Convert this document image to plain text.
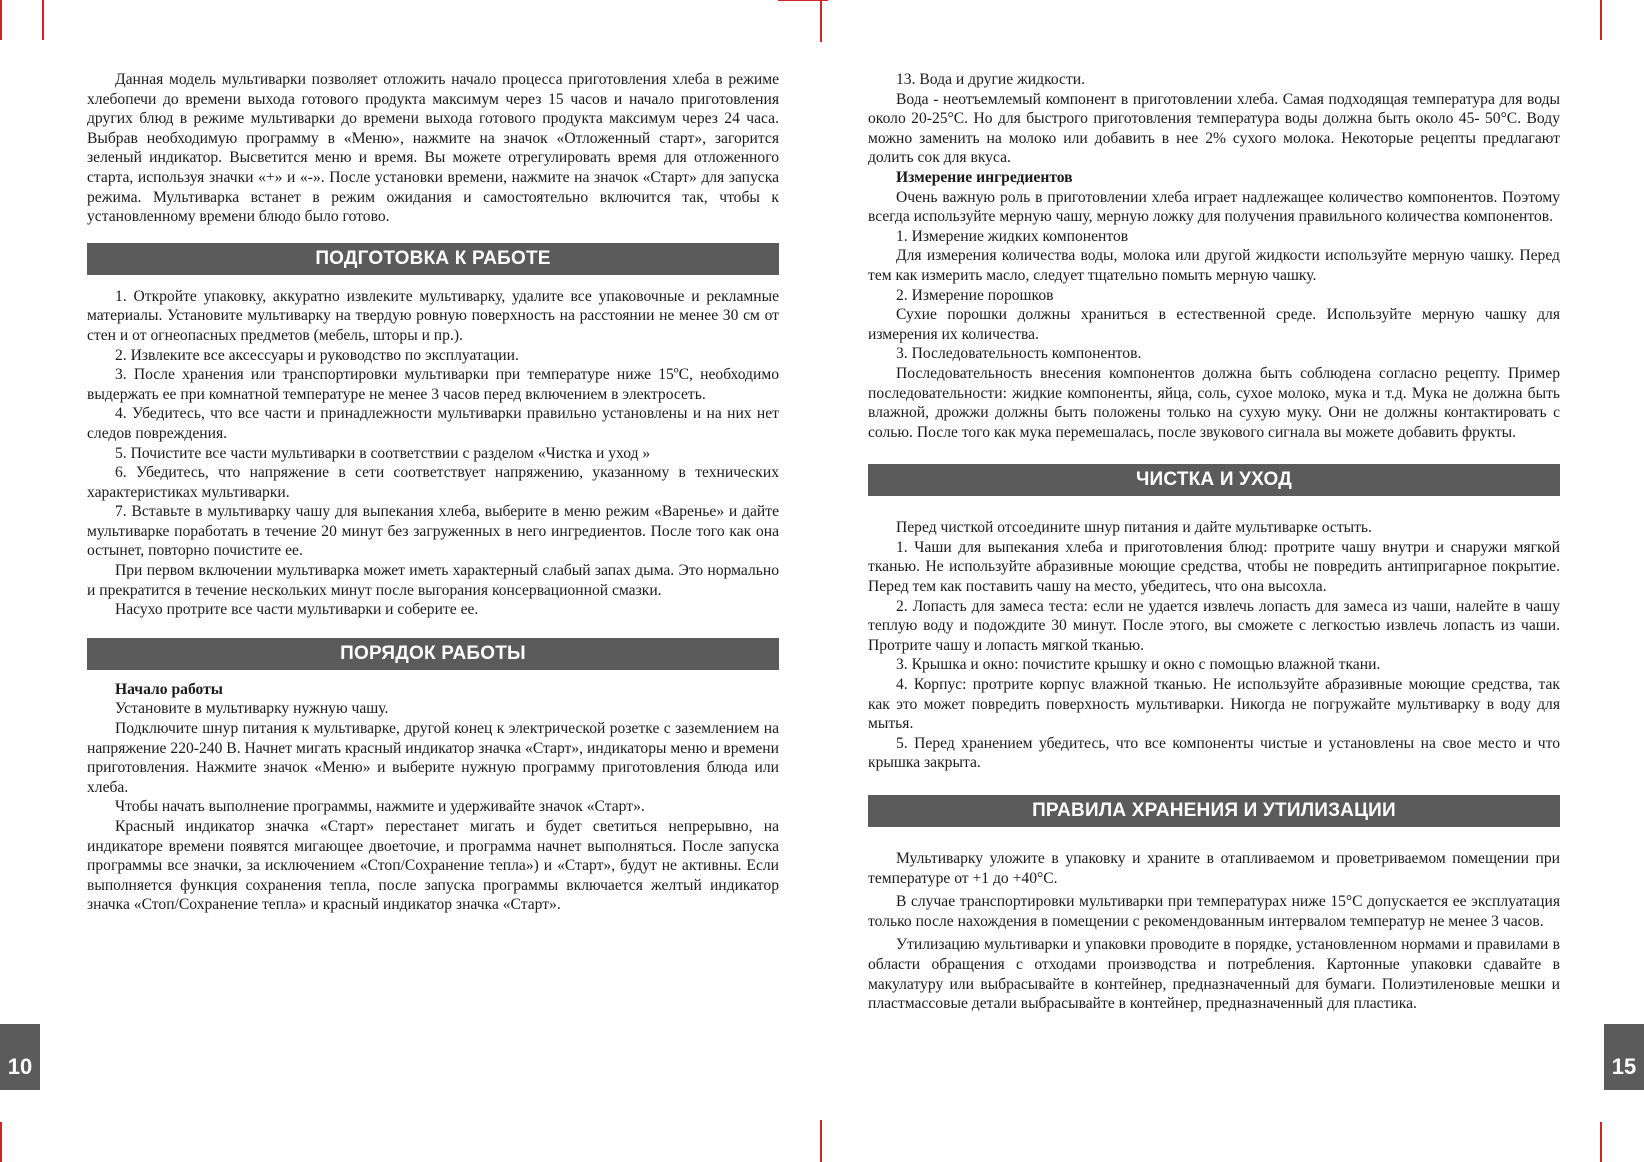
Данная модель мультиварки позволяет отложить начало процесса приготовления хлеба в режиме хлебопечи до времени выхода готового продукта максимум через 15 часов и начало приготовления других блюд в режиме мультиварки до времени выхода готового продукта максимум через 24 часа. Выбрав необходимую программу в «Меню», нажмите на значок «Отложенный старт», загорится зеленый индикатор. Высветится меню и время. Вы можете отрегулировать время для отложенного старта, используя значки «+» и «-». После установки времени, нажмите на значок «Старт» для запуска режима. Мультиварка встанет в режим ожидания и самостоятельно включится так, чтобы к установленному времени блюдо было готово.

ПОДГОТОВКА К РАБОТЕ

1. Откройте упаковку, аккуратно извлеките мультиварку, удалите все упаковочные и рекламные материалы. Установите мультиварку на твердую ровную поверхность на расстоянии не менее 30 см от стен и от огнеопасных предметов (мебель, шторы и пр.).

2. Извлеките все аксессуары и руководство по эксплуатации.

3. После хранения или транспортировки мультиварки при температуре ниже 15ºС, необходимо выдержать ее при комнатной температуре не менее 3 часов перед включением в электросеть.

4. Убедитесь, что все части и принадлежности мультиварки правильно установлены и на них нет следов повреждения.

5. Почистите все части мультиварки в соответствии с разделом «Чистка и уход »

6. Убедитесь, что напряжение в сети соответствует напряжению, указанному в технических характеристиках мультиварки.

7. Вставьте в мультиварку чашу для выпекания хлеба, выберите в меню режим «Варенье» и дайте мультиварке поработать в течение 20 минут без загруженных в него ингредиентов. После того как она остынет, повторно почистите ее.

При первом включении мультиварка может иметь характерный слабый запах дыма. Это нормально и прекратится в течение нескольких минут после выгорания консервационной смазки.

Насухо протрите все части мультиварки и соберите ее.

ПОРЯДОК РАБОТЫ

Начало работы

Установите в мультиварку нужную чашу.

Подключите шнур питания к мультиварке, другой конец к электрической розетке с заземлением на напряжение 220-240 В. Начнет мигать красный индикатор значка «Старт», индикаторы меню и времени приготовления. Нажмите значок «Меню» и выберите нужную программу приготовления блюда или хлеба.

Чтобы начать выполнение программы, нажмите и удерживайте значок «Старт».

Красный индикатор значка «Старт» перестанет мигать и будет светиться непрерывно, на индикаторе времени появятся мигающее двоеточие, и программа начнет выполняться. После запуска программы все значки, за исключением «Стоп/Сохранение тепла») и «Старт», будут не активны. Если выполняется функция сохранения тепла, после запуска программы включается желтый индикатор значка «Стоп/Сохранение тепла» и красный индикатор значка «Старт».

10

13. Вода и другие жидкости.

Вода - неотъемлемый компонент в приготовлении хлеба. Самая подходящая температура для воды около 20-25°С. Но для быстрого приготовления температура воды должна быть около 45- 50°С. Воду можно заменить на молоко или добавить в нее 2% сухого молока. Некоторые рецепты предлагают долить сок для вкуса.

Измерение ингредиентов

Очень важную роль в приготовлении хлеба играет надлежащее количество компонентов. Поэтому всегда используйте мерную чашу, мерную ложку для получения правильного количества компонентов.

1. Измерение жидких компонентов

Для измерения количества воды, молока или другой жидкости используйте мерную чашку. Перед тем как измерить масло, следует тщательно помыть мерную чашку.

2. Измерение порошков

Сухие порошки должны храниться в естественной среде. Используйте мерную чашку для измерения их количества.

3. Последовательность компонентов.

Последовательность внесения компонентов должна быть соблюдена согласно рецепту. Пример последовательности: жидкие компоненты, яйца, соль, сухое молоко, мука и т.д. Мука не должна быть влажной, дрожжи должны быть положены только на сухую муку. Они не должны контактировать с солью. После того как мука перемешалась, после звукового сигнала вы можете добавить фрукты.

ЧИСТКА И УХОД

Перед чисткой отсоедините шнур питания и дайте мультиварке остыть.

1. Чаши для выпекания хлеба и приготовления блюд: протрите чашу внутри и снаружи мягкой тканью. Не используйте абразивные моющие средства, чтобы не повредить антипригарное покрытие. Перед тем как поставить чашу на место, убедитесь, что она высохла.

2. Лопасть для замеса теста: если не удается извлечь лопасть для замеса из чаши, налейте в чашу теплую воду и подождите 30 минут. После этого, вы сможете с легкостью извлечь лопасть из чаши. Протрите чашу и лопасть мягкой тканью.

3. Крышка и окно: почистите крышку и окно с помощью влажной ткани.

4. Корпус: протрите корпус влажной тканью. Не используйте абразивные моющие средства, так как это может повредить поверхность мультиварки. Никогда не погружайте мультиварку в воду для мытья.

5. Перед хранением убедитесь, что все компоненты чистые и установлены на свое место и что крышка закрыта.

ПРАВИЛА ХРАНЕНИЯ И УТИЛИЗАЦИИ

Мультиварку уложите в упаковку и храните в отапливаемом и проветриваемом помещении при температуре от +1 до +40°С.

В случае транспортировки мультиварки при температурах ниже 15°С допускается ее эксплуатация только после нахождения в помещении с рекомендованным интервалом температур не менее 3 часов.

Утилизацию мультиварки и упаковки проводите в порядке, установленном нормами и правилами в области обращения с отходами производства и потребления. Картонные упаковки сдавайте в макулатуру или выбрасывайте в контейнер, предназначенный для бумаги. Полиэтиленовые мешки и пластмассовые детали выбрасывайте в контейнер, предназначенный для пластика.

15
